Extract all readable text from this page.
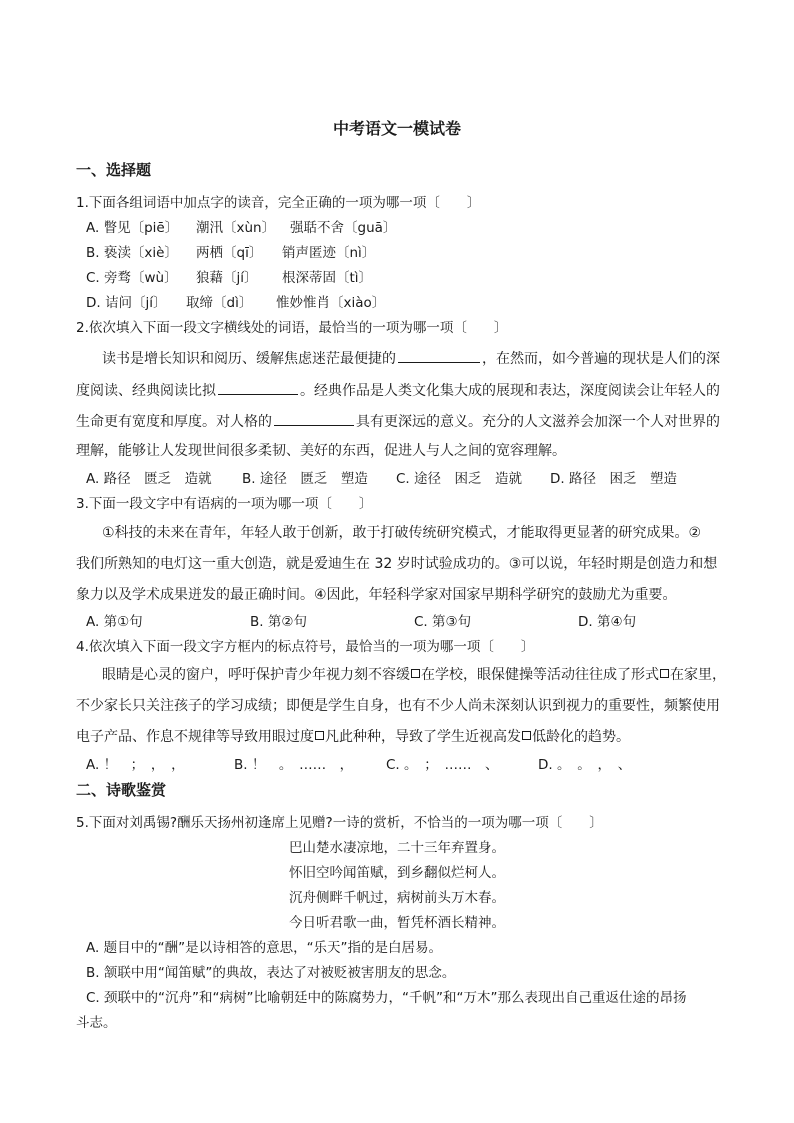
中考语文一模试卷
一、选择题
1.下面各组词语中加点字的读音，完全正确的一项为哪一项〔　　〕
A. 瞥见〔piē〕 潮汛〔xùn〕 强聒不舍〔guā〕
B. 亵渎〔xiè〕 两栖〔qī〕 销声匿迹〔nì〕
C. 旁骛〔wù〕 狼藉〔jí〕 根深蒂固〔tì〕
D. 诘问〔jí〕 取缔〔dì〕 惟妙惟肖〔xiào〕
2.依次填入下面一段文字横线处的词语，最恰当的一项为哪一项〔　　〕
读书是增长知识和阅历、缓解焦虑迷茫最便捷的	，在然而，如今普遍的现状是人们的深
度阅读、经典阅读比拟	。经典作品是人类文化集大成的展现和表达，深度阅读会让年轻人的
生命更有宽度和厚度。对人格的	具有更深远的意义。充分的人文滋养会加深一个人对世界的
理解，能够让人发现世间很多柔韧、美好的东西，促进人与人之间的宽容理解。
A. 路径　匮乏　造就 B. 途径　匮乏　塑造 C. 途径　困乏　造就 D. 路径　困乏　塑造
3.下面一段文字中有语病的一项为哪一项〔　　〕
①科技的未来在青年，年轻人敢于创新，敢于打破传统研究模式，才能取得更显著的研究成果。②
我们所熟知的电灯这一重大创造，就是爱迪生在 32 岁时试验成功的。③可以说，年轻时期是创造力和想
象力以及学术成果迸发的最正确时间。④因此，年轻科学家对国家早期科学研究的鼓励尤为重要。
A. 第①句	B. 第②句	C. 第③句	D. 第④句
4.依次填入下面一段文字方框内的标点符号，最恰当的一项为哪一项〔　　〕
眼睛是心灵的窗户，呼吁保护青少年视力刻不容缓 在学校，眼保健操等活动往往成了形式 在家里，
不少家长只关注孩子的学习成绩；即便是学生自身，也有不少人尚未深刻认识到视力的重要性，频繁使用
电子产品、作息不规律等导致用眼过度 凡此种种，导致了学生近视高发 低龄化的趋势。
A. ！　；　，　，	B. ！　。　……　， C. 。　；　……　、	D. 。　。　，　、
二、诗歌鉴赏
5.下面对刘禹锡?酬乐天扬州初逢席上见赠?一诗的赏析，不恰当的一项为哪一项〔　　〕
巴山楚水凄凉地，二十三年弃置身。
怀旧空吟闻笛赋，到乡翻似烂柯人。
沉舟侧畔千帆过，病树前头万木春。
今日听君歌一曲，暂凭杯酒长精神。
A. 题目中的“酬”是以诗相答的意思，“乐天”指的是白居易。
B. 颔联中用“闻笛赋”的典故，表达了对被贬被害朋友的思念。
C. 颈联中的“沉舟”和“病树”比喻朝廷中的陈腐势力，“千帆”和“万木”那么表现出自己重返仕途的昂扬
斗志。
